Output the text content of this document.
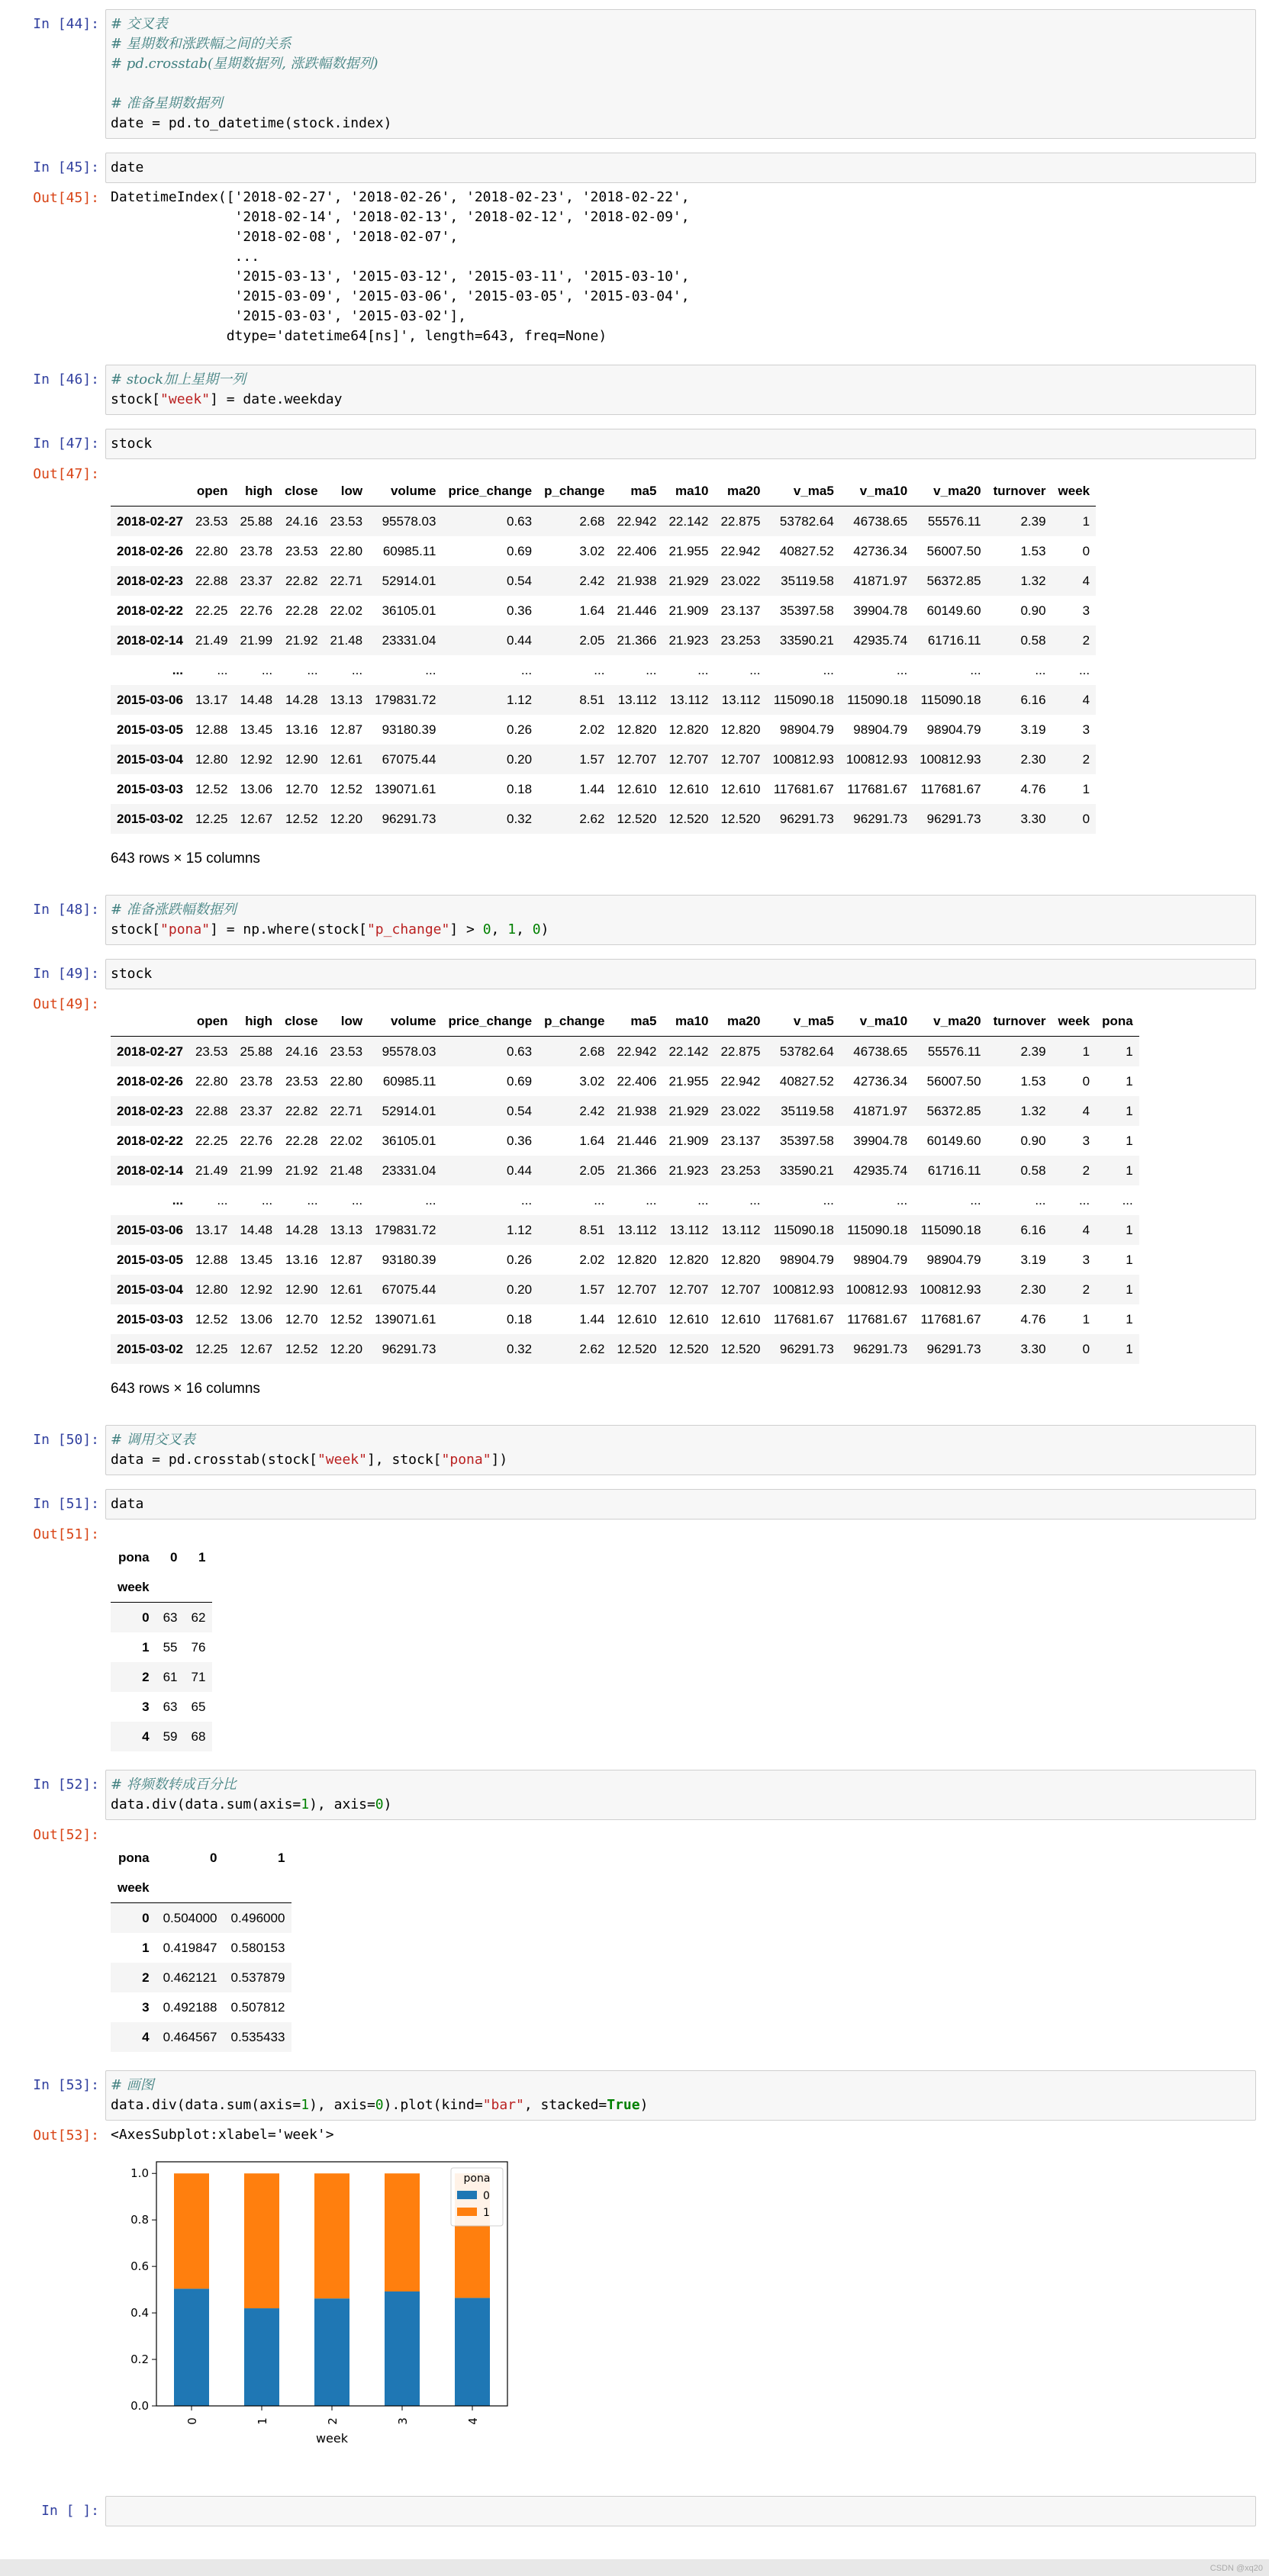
In [44]: # 交叉表
# 星期数和涨跌幅之间的关系
# pd.crosstab(星期数据列, 涨跌幅数据列)

# 准备星期数据列
date = pd.to_datetime(stock.index)
In [45]: date
Out[45]: DatetimeIndex(['2018-02-27', '2018-02-26', '2018-02-23', '2018-02-22',
'2018-02-14', '2018-02-13', '2018-02-12', '2018-02-09',
'2018-02-08', '2018-02-07',
...
'2015-03-13', '2015-03-12', '2015-03-11', '2015-03-10',
'2015-03-09', '2015-03-06', '2015-03-05', '2015-03-04',
'2015-03-03', '2015-03-02'],
dtype='datetime64[ns]', length=643, freq=None)
In [46]: # stock加上星期一列
stock["week"] = date.weekday
In [47]: stock
Out[47]:
	open	high	close	low	volume	price_change	p_change	ma5	ma10	ma20	v_ma5	v_ma10	v_ma20	turnover	week
2018-02-27	23.53	25.88	24.16	23.53	95578.03	0.63	2.68	22.942	22.142	22.875	53782.64	46738.65	55576.11	2.39	1
2018-02-26	22.80	23.78	23.53	22.80	60985.11	0.69	3.02	22.406	21.955	22.942	40827.52	42736.34	56007.50	1.53	0
2018-02-23	22.88	23.37	22.82	22.71	52914.01	0.54	2.42	21.938	21.929	23.022	35119.58	41871.97	56372.85	1.32	4
2018-02-22	22.25	22.76	22.28	22.02	36105.01	0.36	1.64	21.446	21.909	23.137	35397.58	39904.78	60149.60	0.90	3
2018-02-14	21.49	21.99	21.92	21.48	23331.04	0.44	2.05	21.366	21.923	23.253	33590.21	42935.74	61716.11	0.58	2
...	...	...	...	...	...	...	...	...	...	...	...	...	...	...	...
2015-03-06	13.17	14.48	14.28	13.13	179831.72	1.12	8.51	13.112	13.112	13.112	115090.18	115090.18	115090.18	6.16	4
2015-03-05	12.88	13.45	13.16	12.87	93180.39	0.26	2.02	12.820	12.820	12.820	98904.79	98904.79	98904.79	3.19	3
2015-03-04	12.80	12.92	12.90	12.61	67075.44	0.20	1.57	12.707	12.707	12.707	100812.93	100812.93	100812.93	2.30	2
2015-03-03	12.52	13.06	12.70	12.52	139071.61	0.18	1.44	12.610	12.610	12.610	117681.67	117681.67	117681.67	4.76	1
2015-03-02	12.25	12.67	12.52	12.20	96291.73	0.32	2.62	12.520	12.520	12.520	96291.73	96291.73	96291.73	3.30	0
643 rows × 15 columns
In [48]: # 准备涨跌幅数据列
stock["pona"] = np.where(stock["p_change"] > 0, 1, 0)
In [49]: stock
Out[49]:
	open	high	close	low	volume	price_change	p_change	ma5	ma10	ma20	v_ma5	v_ma10	v_ma20	turnover	week	pona
2018-02-27	23.53	25.88	24.16	23.53	95578.03	0.63	2.68	22.942	22.142	22.875	53782.64	46738.65	55576.11	2.39	1	1
2018-02-26	22.80	23.78	23.53	22.80	60985.11	0.69	3.02	22.406	21.955	22.942	40827.52	42736.34	56007.50	1.53	0	1
2018-02-23	22.88	23.37	22.82	22.71	52914.01	0.54	2.42	21.938	21.929	23.022	35119.58	41871.97	56372.85	1.32	4	1
2018-02-22	22.25	22.76	22.28	22.02	36105.01	0.36	1.64	21.446	21.909	23.137	35397.58	39904.78	60149.60	0.90	3	1
2018-02-14	21.49	21.99	21.92	21.48	23331.04	0.44	2.05	21.366	21.923	23.253	33590.21	42935.74	61716.11	0.58	2	1
...	...	...	...	...	...	...	...	...	...	...	...	...	...	...	...	...
2015-03-06	13.17	14.48	14.28	13.13	179831.72	1.12	8.51	13.112	13.112	13.112	115090.18	115090.18	115090.18	6.16	4	1
2015-03-05	12.88	13.45	13.16	12.87	93180.39	0.26	2.02	12.820	12.820	12.820	98904.79	98904.79	98904.79	3.19	3	1
2015-03-04	12.80	12.92	12.90	12.61	67075.44	0.20	1.57	12.707	12.707	12.707	100812.93	100812.93	100812.93	2.30	2	1
2015-03-03	12.52	13.06	12.70	12.52	139071.61	0.18	1.44	12.610	12.610	12.610	117681.67	117681.67	117681.67	4.76	1	1
2015-03-02	12.25	12.67	12.52	12.20	96291.73	0.32	2.62	12.520	12.520	12.520	96291.73	96291.73	96291.73	3.30	0	1
643 rows × 16 columns
In [50]: # 调用交叉表
data = pd.crosstab(stock["week"], stock["pona"])
In [51]: data
Out[51]:
pona	0	1
week		
0	63	62
1	55	76
2	61	71
3	63	65
4	59	68
In [52]: # 将频数转成百分比
data.div(data.sum(axis=1), axis=0)
Out[52]:
pona	0	1
week		
0	0.504000	0.496000
1	0.419847	0.580153
2	0.462121	0.537879
3	0.492188	0.507812
4	0.464567	0.535433
In [53]: # 画图
data.div(data.sum(axis=1), axis=0).plot(kind="bar", stacked=True)
Out[53]: <AxesSubplot:xlabel='week'>
0	1	2	3	4
0.0
0.2
0.4
0.6
0.8
1.0
week
pona
0
1
In [ ]:
CSDN @xq20
